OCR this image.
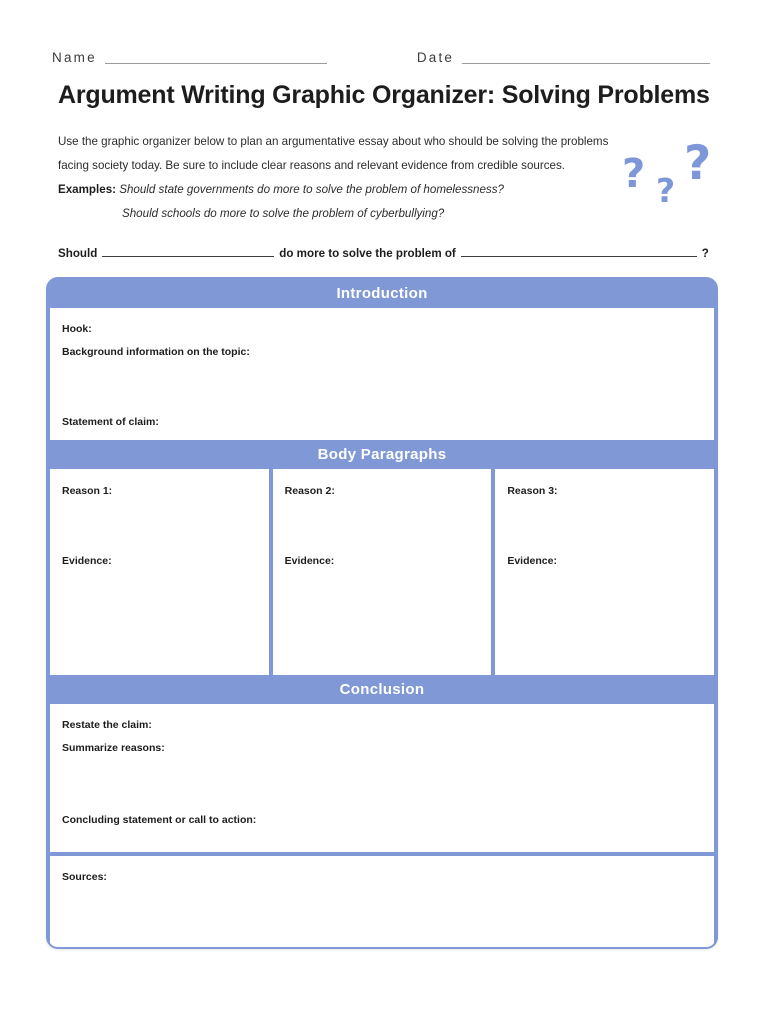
Name	Date
Argument Writing Graphic Organizer: Solving Problems

Use the graphic organizer below to plan an argumentative essay about who should be solving the problems

facing society today. Be sure to include clear reasons and relevant evidence from credible sources.

Examples: Should state governments do more to solve the problem of homelessness?

Should schools do more to solve the problem of cyberbullying?

? ? ?
Should	do more to solve the problem of	?
Introduction
Hook:
Background information on the topic:
Statement of claim:
Body Paragraphs
Reason 1:
Evidence:
Reason 2:
Evidence:
Reason 3:
Evidence:
Conclusion
Restate the claim:
Summarize reasons:
Concluding statement or call to action:
Sources:
